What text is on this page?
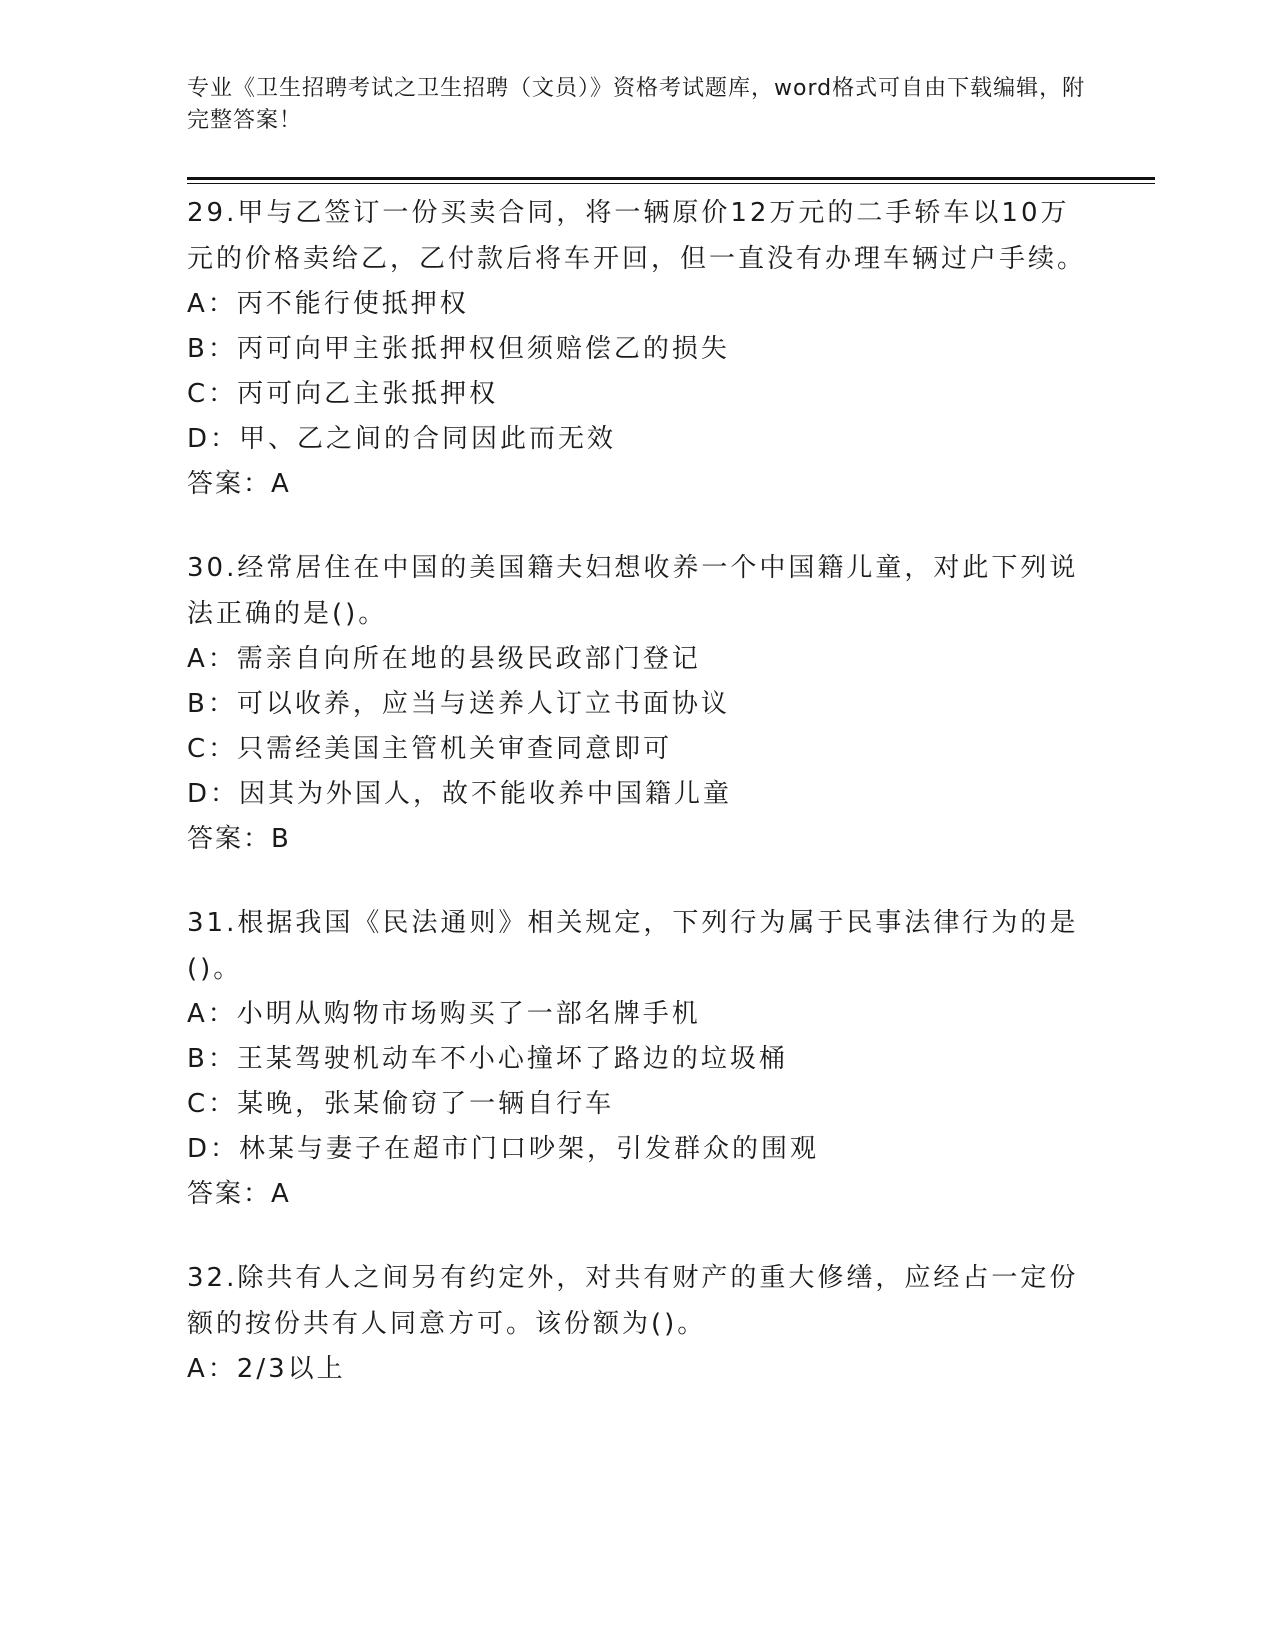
专业《卫生招聘考试之卫生招聘（文员）》资格考试题库，word格式可自由下载编辑，附完整答案！
29.甲与乙签订一份买卖合同，将一辆原价12万元的二手轿车以10万元的价格卖给乙，乙付款后将车开回，但一直没有办理车辆过户手续。
A：丙不能行使抵押权
B：丙可向甲主张抵押权但须赔偿乙的损失
C：丙可向乙主张抵押权
D：甲、乙之间的合同因此而无效
答案：A
30.经常居住在中国的美国籍夫妇想收养一个中国籍儿童，对此下列说法正确的是()。
A：需亲自向所在地的县级民政部门登记
B：可以收养，应当与送养人订立书面协议
C：只需经美国主管机关审查同意即可
D：因其为外国人，故不能收养中国籍儿童
答案：B
31.根据我国《民法通则》相关规定，下列行为属于民事法律行为的是()。
A：小明从购物市场购买了一部名牌手机
B：王某驾驶机动车不小心撞坏了路边的垃圾桶
C：某晚，张某偷窃了一辆自行车
D：林某与妻子在超市门口吵架，引发群众的围观
答案：A
32.除共有人之间另有约定外，对共有财产的重大修缮，应经占一定份额的按份共有人同意方可。该份额为()。
A：2/3以上
